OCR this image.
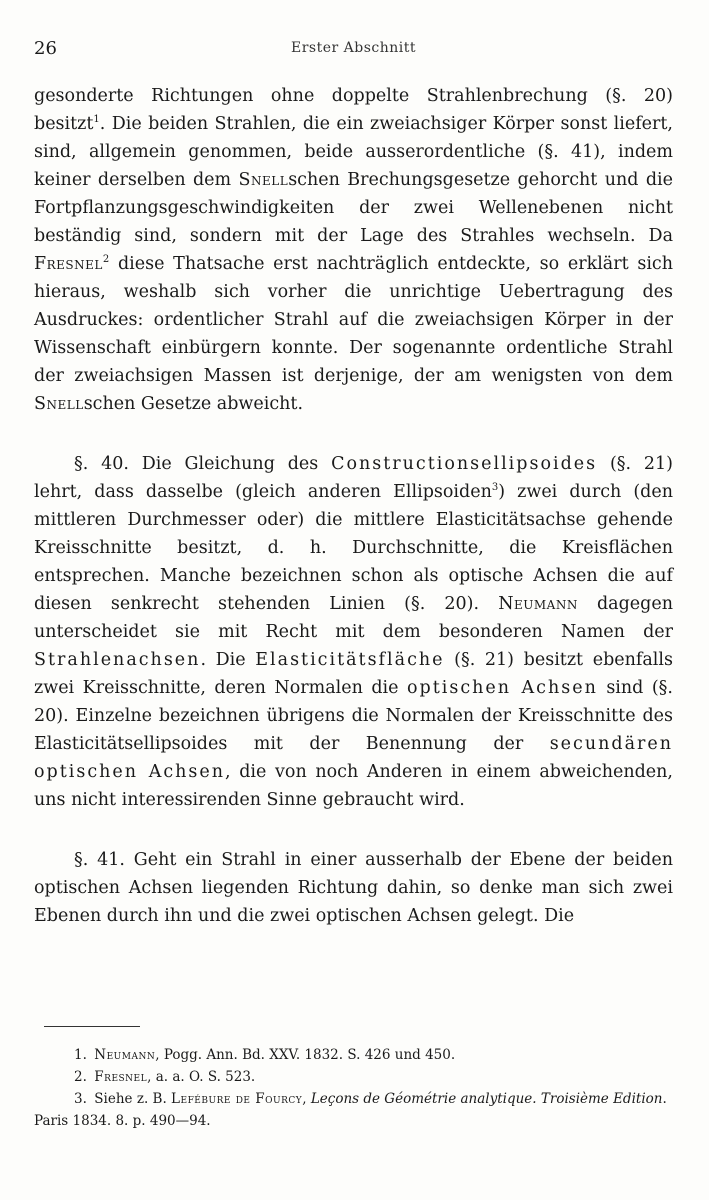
26	Erster Abschnitt

gesonderte Richtungen ohne doppelte Strahlenbrechung (§. 20) besitzt$^1$. Die beiden Strahlen, die ein zweiachsiger Körper sonst liefert, sind, allgemein genommen, beide ausserordentliche (§. 41), indem keiner derselben dem Snellschen Brechungsgesetze gehorcht und die Fortpflanzungsgeschwindigkeiten der zwei Wellenebenen nicht beständig sind, sondern mit der Lage des Strahles wechseln. Da Fresnel$^2$ diese Thatsache erst nachträglich entdeckte, so erklärt sich hieraus, weshalb sich vorher die unrichtige Uebertragung des Ausdruckes: ordentlicher Strahl auf die zweiachsigen Körper in der Wissenschaft einbürgern konnte. Der sogenannte ordentliche Strahl der zweiachsigen Massen ist derjenige, der am wenigsten von dem Snellschen Gesetze abweicht.

§. 40. Die Gleichung des Constructionsellipsoides (§. 21) lehrt, dass dasselbe (gleich anderen Ellipsoiden$^3$) zwei durch (den mittleren Durchmesser oder) die mittlere Elasticitätsachse gehende Kreisschnitte besitzt, d. h. Durchschnitte, die Kreisflächen entsprechen. Manche bezeichnen schon als optische Achsen die auf diesen senkrecht stehenden Linien (§. 20). Neumann dagegen unterscheidet sie mit Recht mit dem besonderen Namen der Strahlenachsen. Die Elasticitätsfläche (§. 21) besitzt ebenfalls zwei Kreisschnitte, deren Normalen die optischen Achsen sind (§. 20). Einzelne bezeichnen übrigens die Normalen der Kreisschnitte des Elasticitätsellipsoides mit der Benennung der secundären optischen Achsen, die von noch Anderen in einem abweichenden, uns nicht interessirenden Sinne gebraucht wird.

§. 41. Geht ein Strahl in einer ausserhalb der Ebene der beiden optischen Achsen liegenden Richtung dahin, so denke man sich zwei Ebenen durch ihn und die zwei optischen Achsen gelegt. Die

1. Neumann, Pogg. Ann. Bd. XXV. 1832. S. 426 und 450.

2. Fresnel, a. a. O. S. 523.

3. Siehe z. B. Lefébure de Fourcy, Leçons de Géométrie analytique. Troisième Edition. Paris 1834. 8. p. 490—94.
